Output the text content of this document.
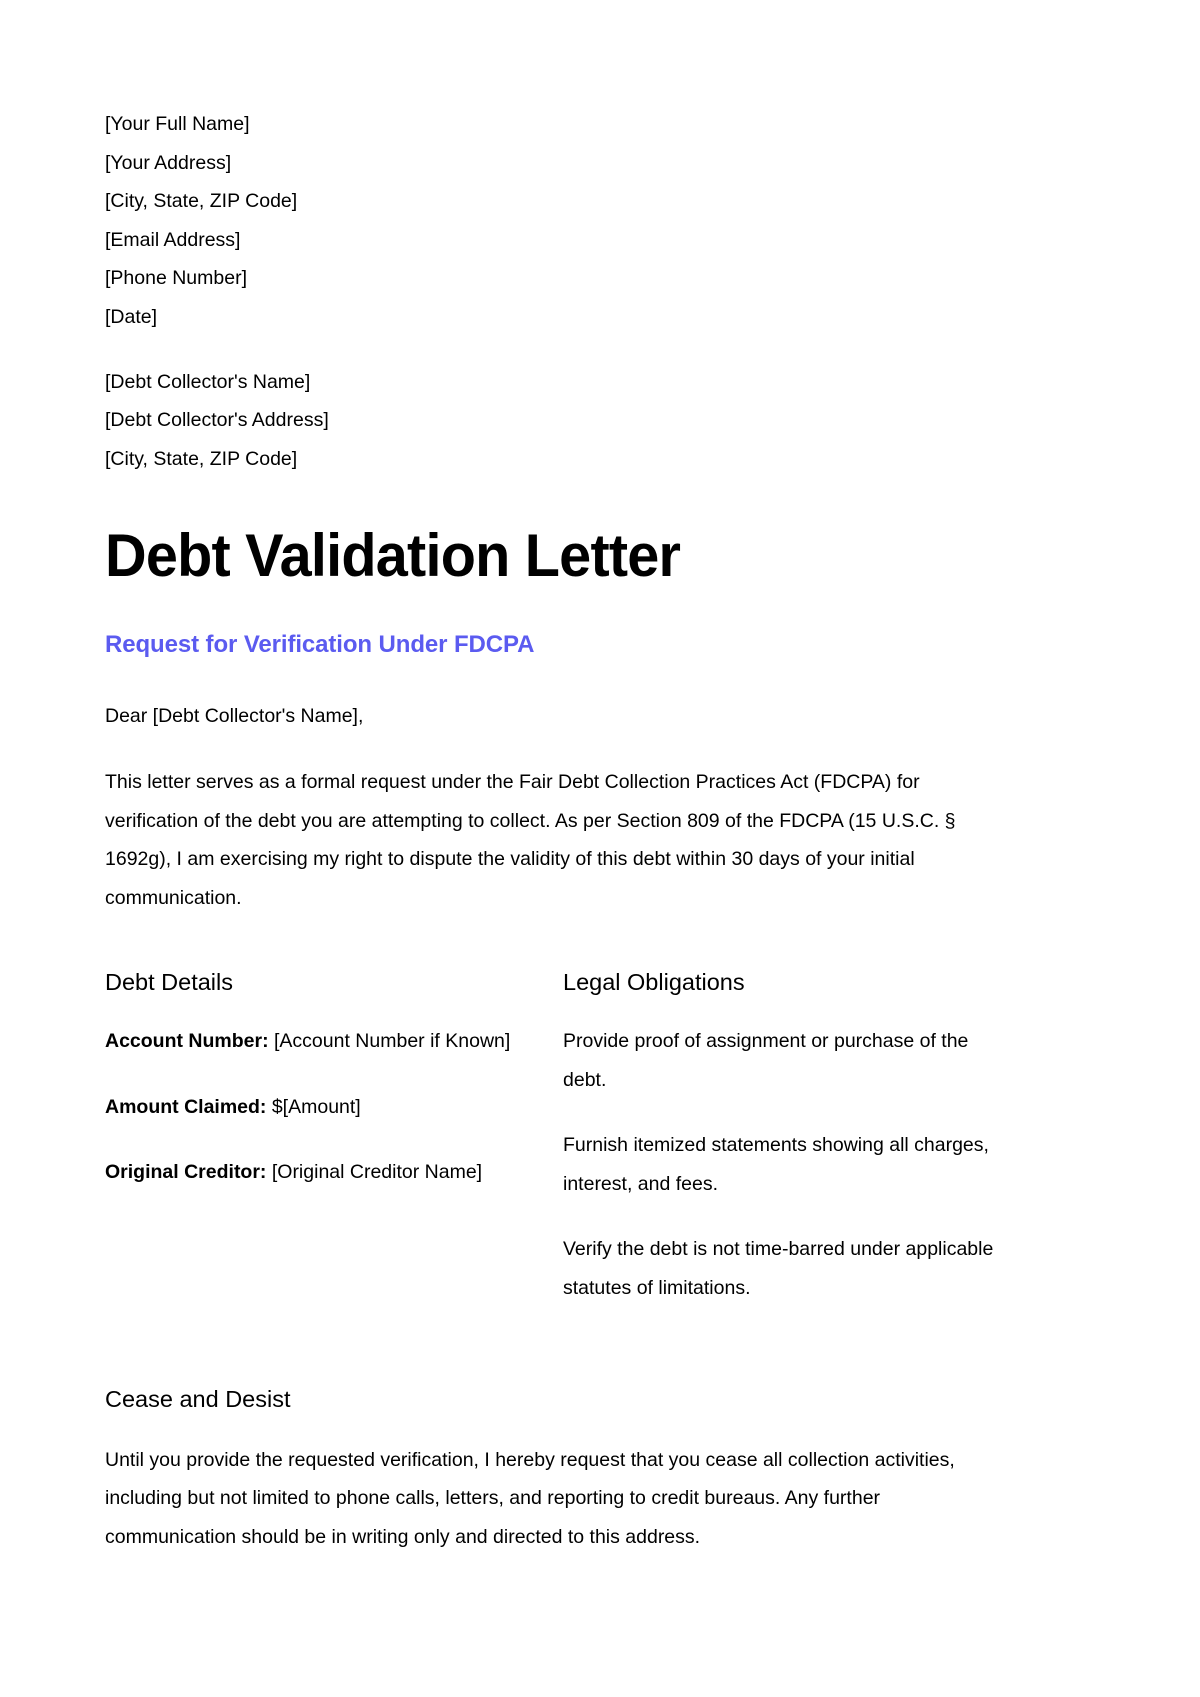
[Your Full Name]
[Your Address]
[City, State, ZIP Code]
[Email Address]
[Phone Number]
[Date]
[Debt Collector's Name]
[Debt Collector's Address]
[City, State, ZIP Code]
Debt Validation Letter
Request for Verification Under FDCPA

Dear [Debt Collector's Name],

This letter serves as a formal request under the Fair Debt Collection Practices Act (FDCPA) for verification of the debt you are attempting to collect. As per Section 809 of the FDCPA (15 U.S.C. § 1692g), I am exercising my right to dispute the validity of this debt within 30 days of your initial communication.

Debt Details
Account Number: [Account Number if Known]
Amount Claimed: $[Amount]
Original Creditor: [Original Creditor Name]
Legal Obligations
Provide proof of assignment or purchase of the debt.
Furnish itemized statements showing all charges, interest, and fees.
Verify the debt is not time-barred under applicable statutes of limitations.
Cease and Desist

Until you provide the requested verification, I hereby request that you cease all collection activities, including but not limited to phone calls, letters, and reporting to credit bureaus. Any further communication should be in writing only and directed to this address.
